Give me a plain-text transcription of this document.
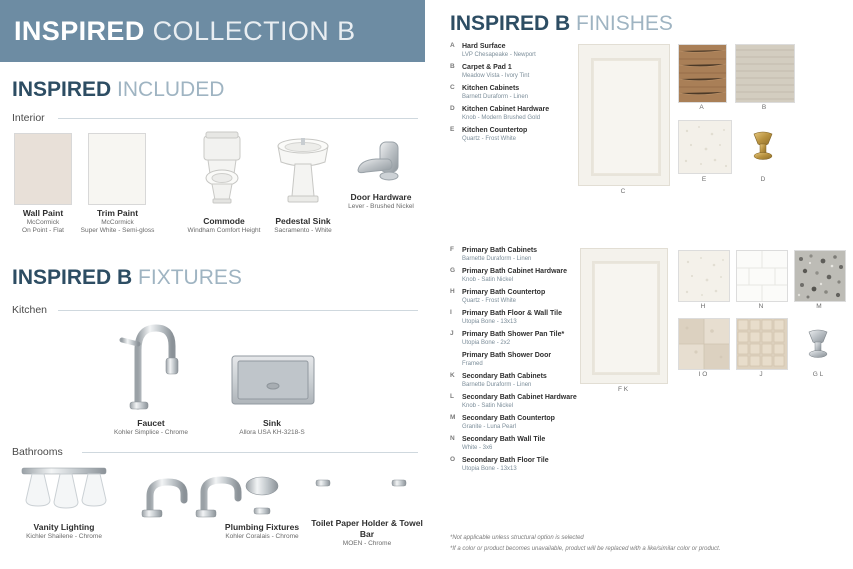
INSPIRED COLLECTION B
INSPIRED INCLUDED
Interior
Wall Paint
McCormick
On Point - Flat
Trim Paint
McCormick
Super White - Semi-gloss
Commode
Windham Comfort Height
Pedestal Sink
Sacramento - White
Door Hardware
Lever - Brushed Nickel
INSPIRED B FIXTURES
Kitchen
Faucet
Kohler Simplice - Chrome
Sink
Allora USA KH-3218-S
Bathrooms
Vanity Lighting
Kichler Shailene - Chrome
Plumbing Fixtures
Kohler Coralais - Chrome
Toilet Paper Holder & Towel Bar
MOEN - Chrome
INSPIRED B FINISHES
A	Hard Surface
LVP Chesapeake - Newport
B	Carpet & Pad 1
Meadow Vista - Ivory Tint
C	Kitchen Cabinets
Barnett Duraform - Linen
D	Kitchen Cabinet Hardware
Knob - Modern Brushed Gold
E	Kitchen Countertop
Quartz - Frost White
C
A	B
E	D
F	Primary Bath Cabinets
Barnette Duraform - Linen
G Primary Bath Cabinet Hardware
Knob - Satin Nickel
H	Primary Bath Countertop
Quartz - Frost White
I	Primary Bath Floor & Wall Tile
Utopia Bone - 13x13
J	Primary Bath Shower Pan Tile*
Utopia Bone - 2x2
Primary Bath Shower Door
Framed
K	Secondary Bath Cabinets
Barnette Duraform - Linen
L	Secondary Bath Cabinet Hardware
Knob - Satin Nickel
M Secondary Bath Countertop
Granite - Luna Pearl
N	Secondary Bath Wall Tile
White - 3x6
O Secondary Bath Floor Tile
Utopia Bone - 13x13
F K
H	N	M
I O	J	G L
*Not applicable unless structural option is selected
*If a color or product becomes unavailable, product will be replaced with a like/similar color or product.
